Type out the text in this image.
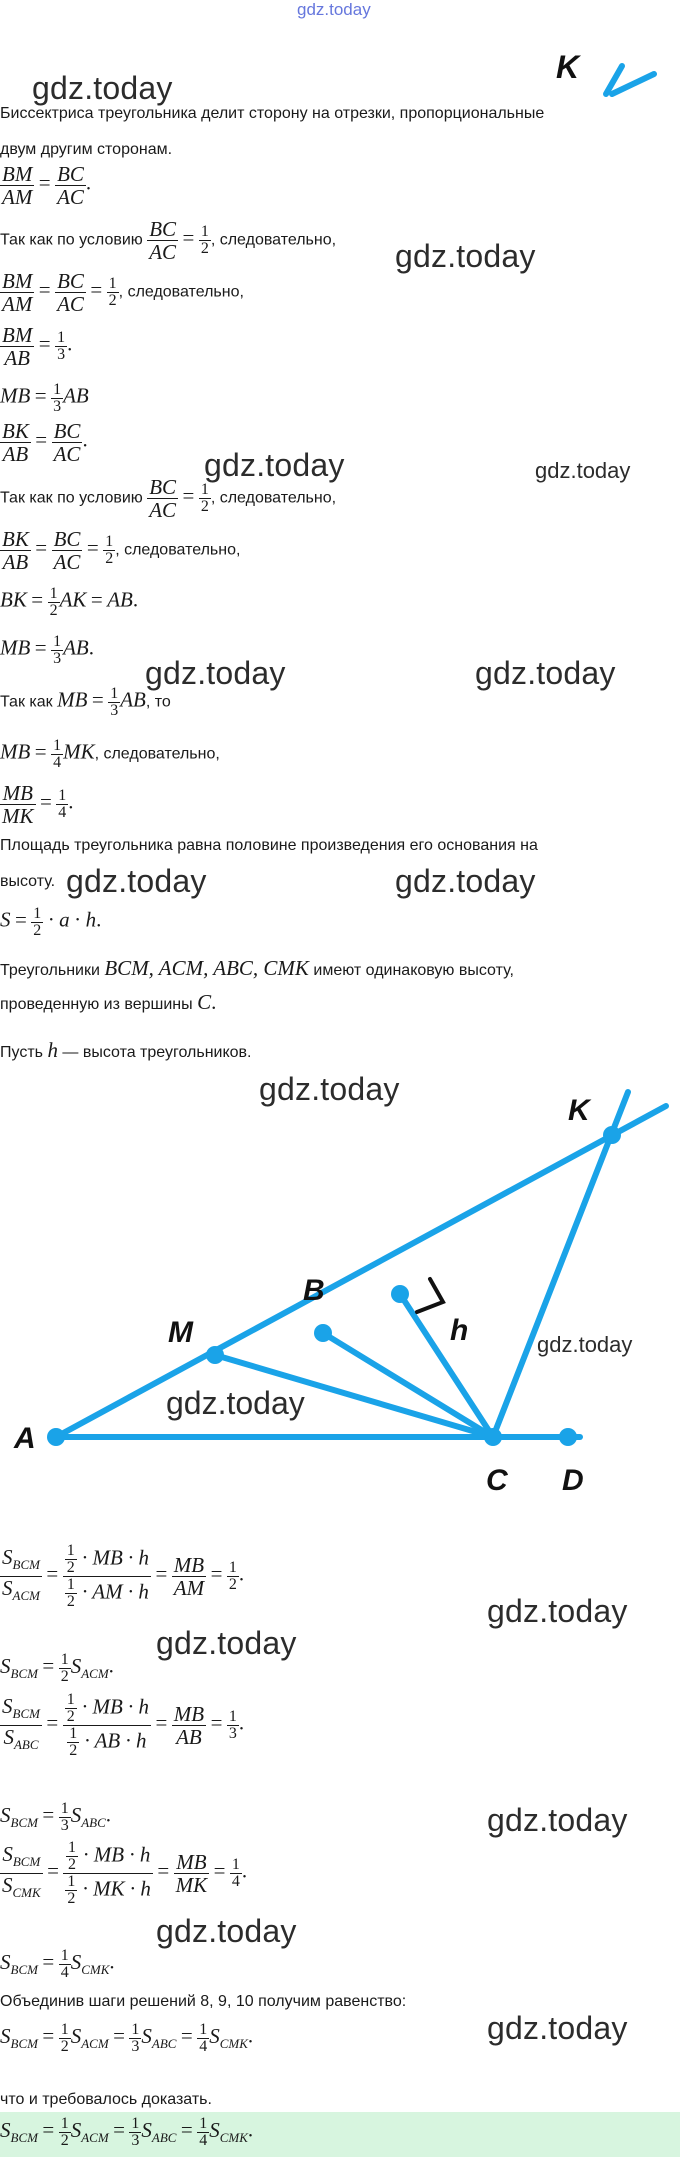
gdz.today
K
gdz.today
gdz.today
gdz.today	gdz.today
gdz.today	gdz.today
gdz.today	gdz.today
gdz.today
gdz.today
gdz.today
gdz.today
gdz.today
gdz.today
Биссектриса треугольника делит сторону на отрезки, пропорциональные
двум другим сторонам.
$\frac{BM}{AM} = \frac{BC}{AC}$ .
Так как по условию $\frac{BC}{AC} = \frac{1}{2}$ , следовательно,
$\frac{BM}{AM} = \frac{BC}{AC} = \frac{1}{2}$ , следовательно,
$\frac{BM}{AB} = \frac{1}{3}$ .
MB = $\frac{1}{3}$ AB
$\frac{BK}{AB} = \frac{BC}{AC}$ .
Так как по условию $\frac{BC}{AC} = \frac{1}{2}$ , следовательно,
$\frac{BK}{AB} = \frac{BC}{AC} = \frac{1}{2}$ , следовательно,
BK = $\frac{1}{2}$ AK = AB.
MB = $\frac{1}{3}$ AB.
Так как MB = $\frac{1}{3}$ AB, то
MB = $\frac{1}{4}$ MK, следовательно,
$\frac{MB}{MK} = \frac{1}{4}$ .
Площадь треугольника равна половине произведения его основания на
высоту.
$S = \frac{1}{2} \cdot a \cdot h$.
Треугольники BCM, ACM, ABC, CMK имеют одинаковую высоту,
проведенную из вершины C.
Пусть h — высота треугольников.
A
M
B
K
C D
h	gdz.today
gdz.today
$\frac{S_{BCM}}{S_{ACM}} = \frac{\frac{1}{2} \cdot MB \cdot h}{\frac{1}{2} \cdot AM \cdot h} = \frac{MB}{AM} = \frac{1}{2}$ .
$S_{BCM} = \frac{1}{2} S_{ACM}$.
$\frac{S_{BCM}}{S_{ABC}} = \frac{\frac{1}{2} \cdot MB \cdot h}{\frac{1}{2} \cdot AB \cdot h} = \frac{MB}{AB} = \frac{1}{3}$ .
$S_{BCM} = \frac{1}{3} S_{ABC}$.
$\frac{S_{BCM}}{S_{CMK}} = \frac{\frac{1}{2} \cdot MB \cdot h}{\frac{1}{2} \cdot MK \cdot h} = \frac{MB}{MK} = \frac{1}{4}$ .
$S_{BCM} = \frac{1}{4} S_{CMK}$.
Объединив шаги решений 8, 9, 10 получим равенство:
$S_{BCM} = \frac{1}{2} S_{ACM} = \frac{1}{3} S_{ABC} = \frac{1}{4} S_{CMK}$.
что и требовалось доказать.
$S_{BCM} = \frac{1}{2} S_{ACM} = \frac{1}{3} S_{ABC} = \frac{1}{4} S_{CMK}$.
